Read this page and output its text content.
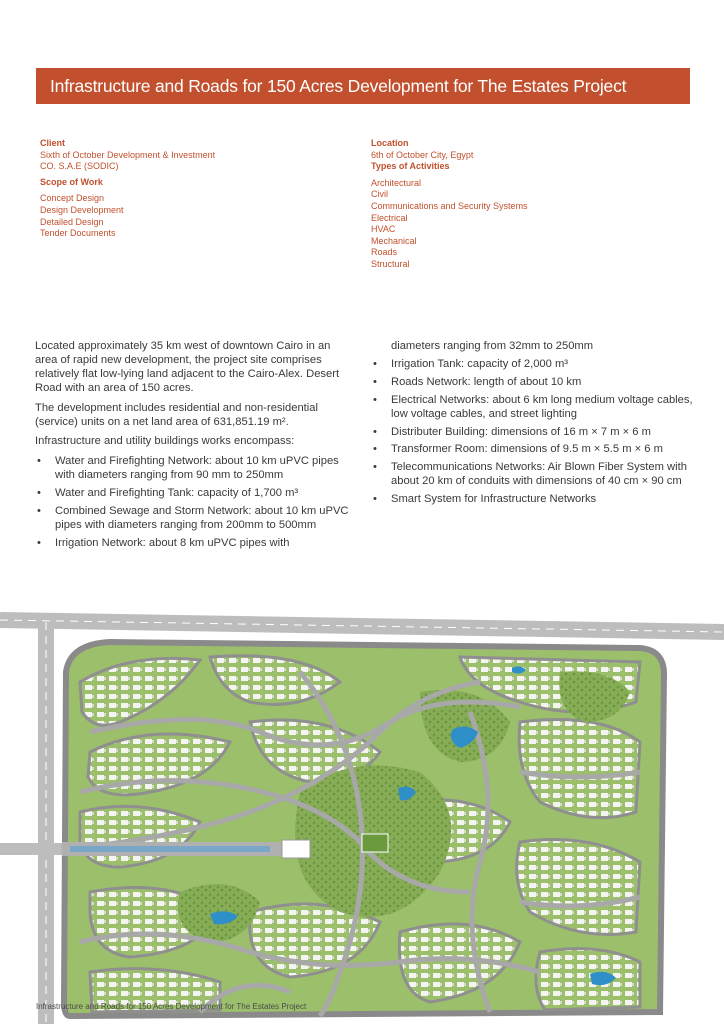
Infrastructure and Roads for 150 Acres Development for The Estates Project
Client
Sixth of October Development & Investment
CO. S.A.E (SODIC)
Scope of Work
Concept Design
Design Development
Detailed Design
Tender Documents
Location
6th of October City, Egypt
Types of Activities
Architectural
Civil
Communications and Security Systems
Electrical
HVAC
Mechanical
Roads
Structural

Located approximately 35 km west of downtown Cairo in an area of rapid new development, the project site comprises relatively flat low-lying land adjacent to the Cairo-Alex. Desert Road with an area of 150 acres.

The development includes residential and non-residential (service) units on a net land area of 631,851.19 m².

Infrastructure and utility buildings works encompass:

• Water and Firefighting Network: about 10 km uPVC pipes with diameters ranging from 90 mm to 250mm
• Water and Firefighting Tank: capacity of 1,700 m³
• Combined Sewage and Storm Network: about 10 km uPVC pipes with diameters ranging from 200mm to 500mm
• Irrigation Network: about 8 km uPVC pipes with
diameters ranging from 32mm to 250mm
• Irrigation Tank: capacity of 2,000 m³
• Roads Network: length of about 10 km
• Electrical Networks: about 6 km long medium voltage cables, low voltage cables, and street lighting
• Distributer Building: dimensions of 16 m × 7 m × 6 m
• Transformer Room: dimensions of 9.5 m × 5.5 m × 6 m
• Telecommunications Networks: Air Blown Fiber System with about 20 km of conduits with dimensions of 40 cm × 90 cm
• Smart System for Infrastructure Networks
Infrastructure and Roads for 150 Acres Development for The Estates Project
